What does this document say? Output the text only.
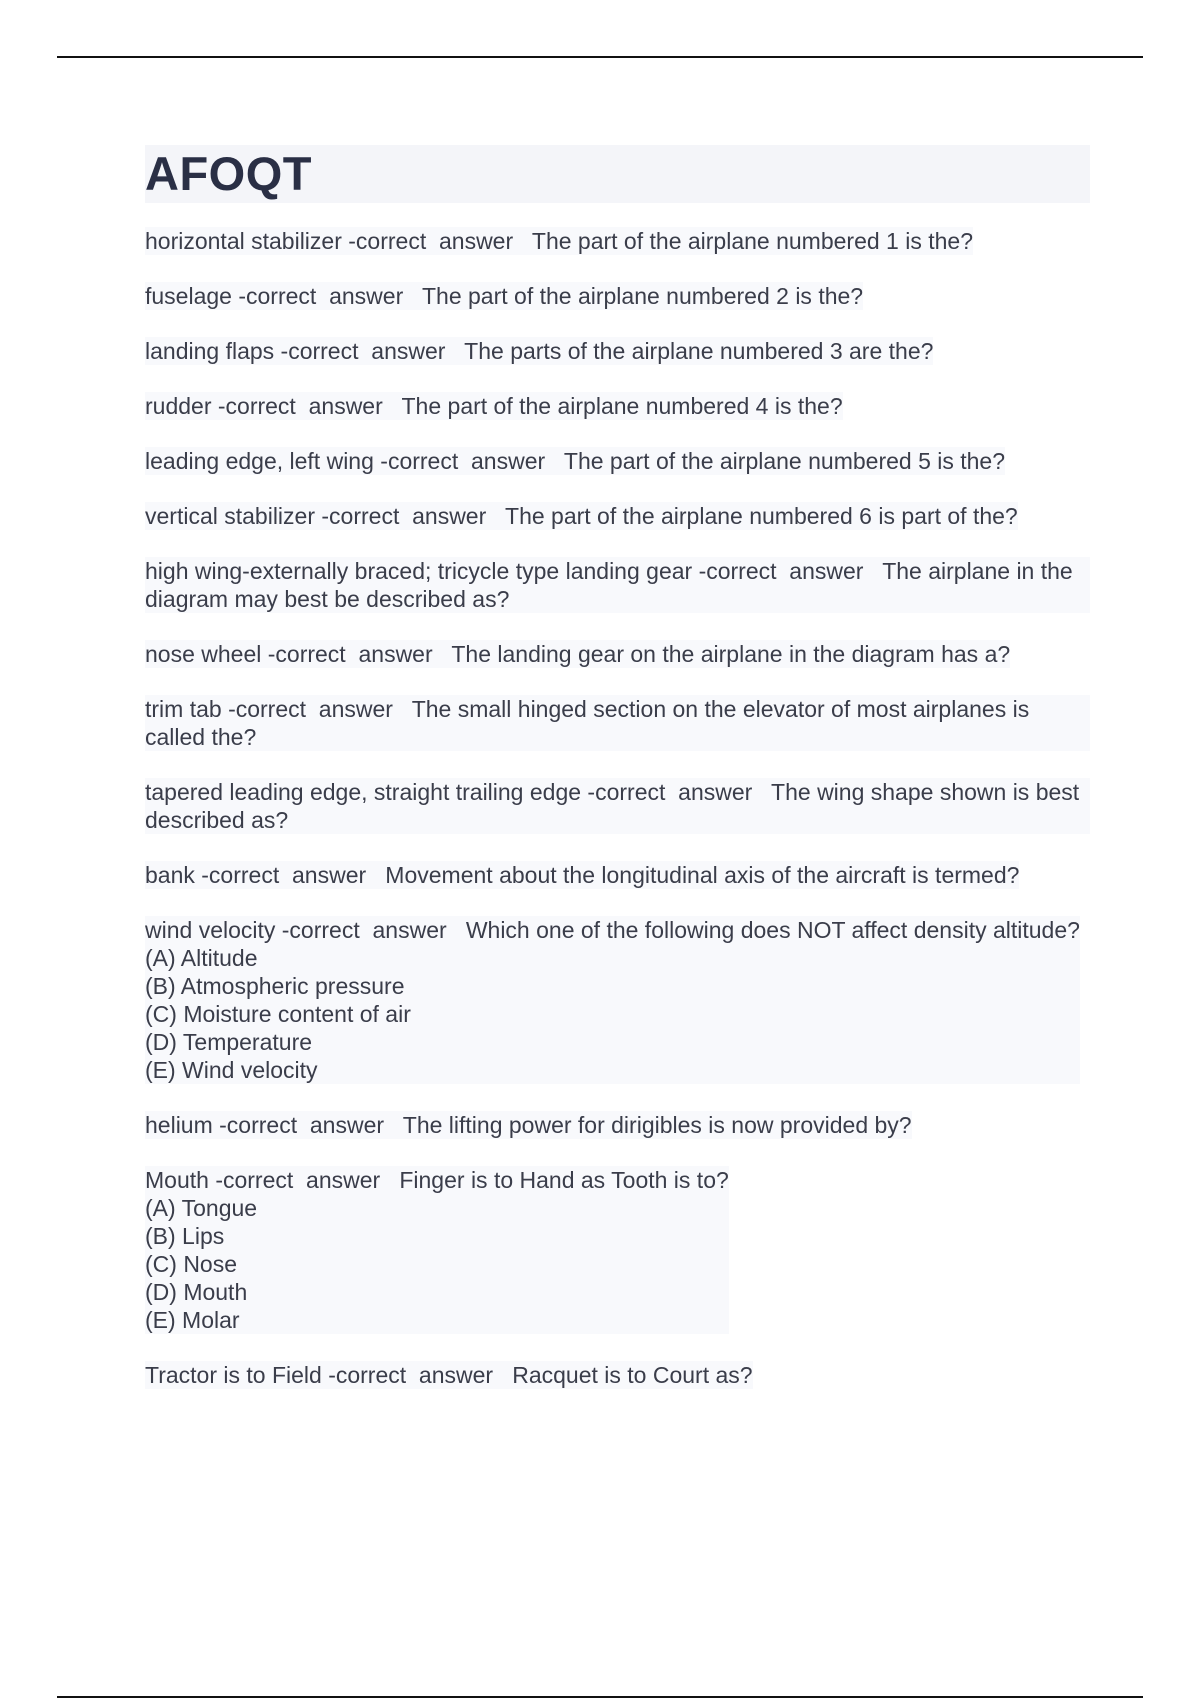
AFOQT
horizontal stabilizer -correct  answer   The part of the airplane numbered 1 is the?
fuselage -correct  answer   The part of the airplane numbered 2 is the?
landing flaps -correct  answer   The parts of the airplane numbered 3 are the?
rudder -correct  answer   The part of the airplane numbered 4 is the?
leading edge, left wing -correct  answer   The part of the airplane numbered 5 is the?
vertical stabilizer -correct  answer   The part of the airplane numbered 6 is part of the?
high wing-externally braced; tricycle type landing gear -correct  answer   The airplane in the diagram may best be described as?
nose wheel -correct  answer   The landing gear on the airplane in the diagram has a?
trim tab -correct  answer   The small hinged section on the elevator of most airplanes is called the?
tapered leading edge, straight trailing edge -correct  answer   The wing shape shown is best described as?
bank -correct  answer   Movement about the longitudinal axis of the aircraft is termed?
wind velocity -correct  answer   Which one of the following does NOT affect density altitude?
(A) Altitude
(B) Atmospheric pressure
(C) Moisture content of air
(D) Temperature
(E) Wind velocity
helium -correct  answer   The lifting power for dirigibles is now provided by?
Mouth -correct  answer   Finger is to Hand as Tooth is to?
(A) Tongue
(B) Lips
(C) Nose
(D) Mouth
(E) Molar
Tractor is to Field -correct  answer   Racquet is to Court as?
